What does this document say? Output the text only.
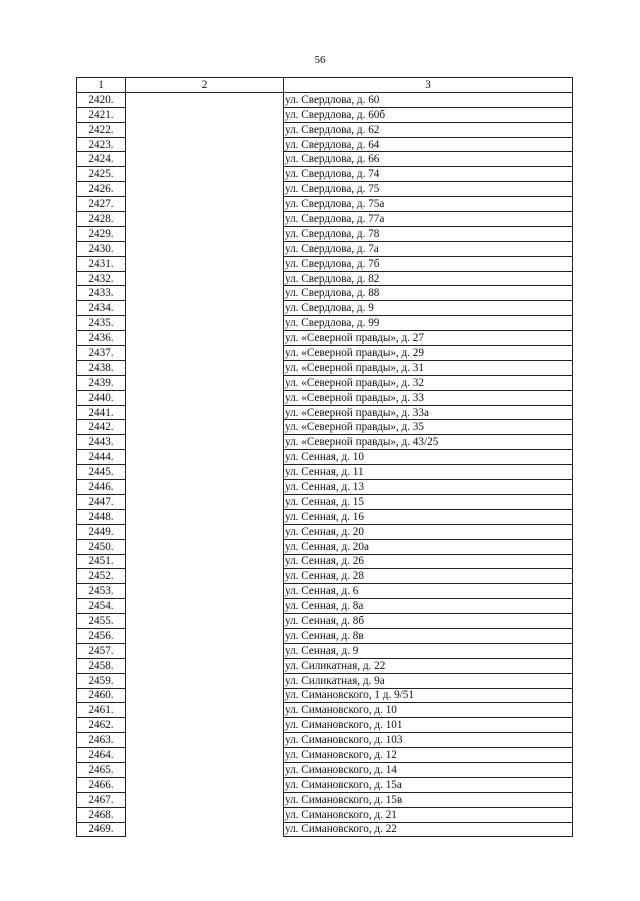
56
1	2	3
2420.		ул. Свердлова, д. 60
2421.		ул. Свердлова, д. 60б
2422.		ул. Свердлова, д. 62
2423.		ул. Свердлова, д. 64
2424.		ул. Свердлова, д. 66
2425.		ул. Свердлова, д. 74
2426.		ул. Свердлова, д. 75
2427.		ул. Свердлова, д. 75а
2428.		ул. Свердлова, д. 77а
2429.		ул. Свердлова, д. 78
2430.		ул. Свердлова, д. 7а
2431.		ул. Свердлова, д. 7б
2432.		ул. Свердлова, д. 82
2433.		ул. Свердлова, д. 88
2434.		ул. Свердлова, д. 9
2435.		ул. Свердлова, д. 99
2436.		ул. «Северной правды», д. 27
2437.		ул. «Северной правды», д. 29
2438.		ул. «Северной правды», д. 31
2439.		ул. «Северной правды», д. 32
2440.		ул. «Северной правды», д. 33
2441.		ул. «Северной правды», д. 33а
2442.		ул. «Северной правды», д. 35
2443.		ул. «Северной правды», д. 43/25
2444.		ул. Сенная, д. 10
2445.		ул. Сенная, д. 11
2446.		ул. Сенная, д. 13
2447.		ул. Сенная, д. 15
2448.		ул. Сенная, д. 16
2449.		ул. Сенная, д. 20
2450.		ул. Сенная, д. 20а
2451.		ул. Сенная, д. 26
2452.		ул. Сенная, д. 28
2453.		ул. Сенная, д. 6
2454.		ул. Сенная, д. 8а
2455.		ул. Сенная, д. 8б
2456.		ул. Сенная, д. 8в
2457.		ул. Сенная, д. 9
2458.		ул. Силикатная, д. 22
2459.		ул. Силикатная, д. 9а
2460.		ул. Симановского, 1 д. 9/51
2461.		ул. Симановского, д. 10
2462.		ул. Симановского, д. 101
2463.		ул. Симановского, д. 103
2464.		ул. Симановского, д. 12
2465.		ул. Симановского, д. 14
2466.		ул. Симановского, д. 15а
2467.		ул. Симановского, д. 15в
2468.		ул. Симановского, д. 21
2469.		ул. Симановского, д. 22
